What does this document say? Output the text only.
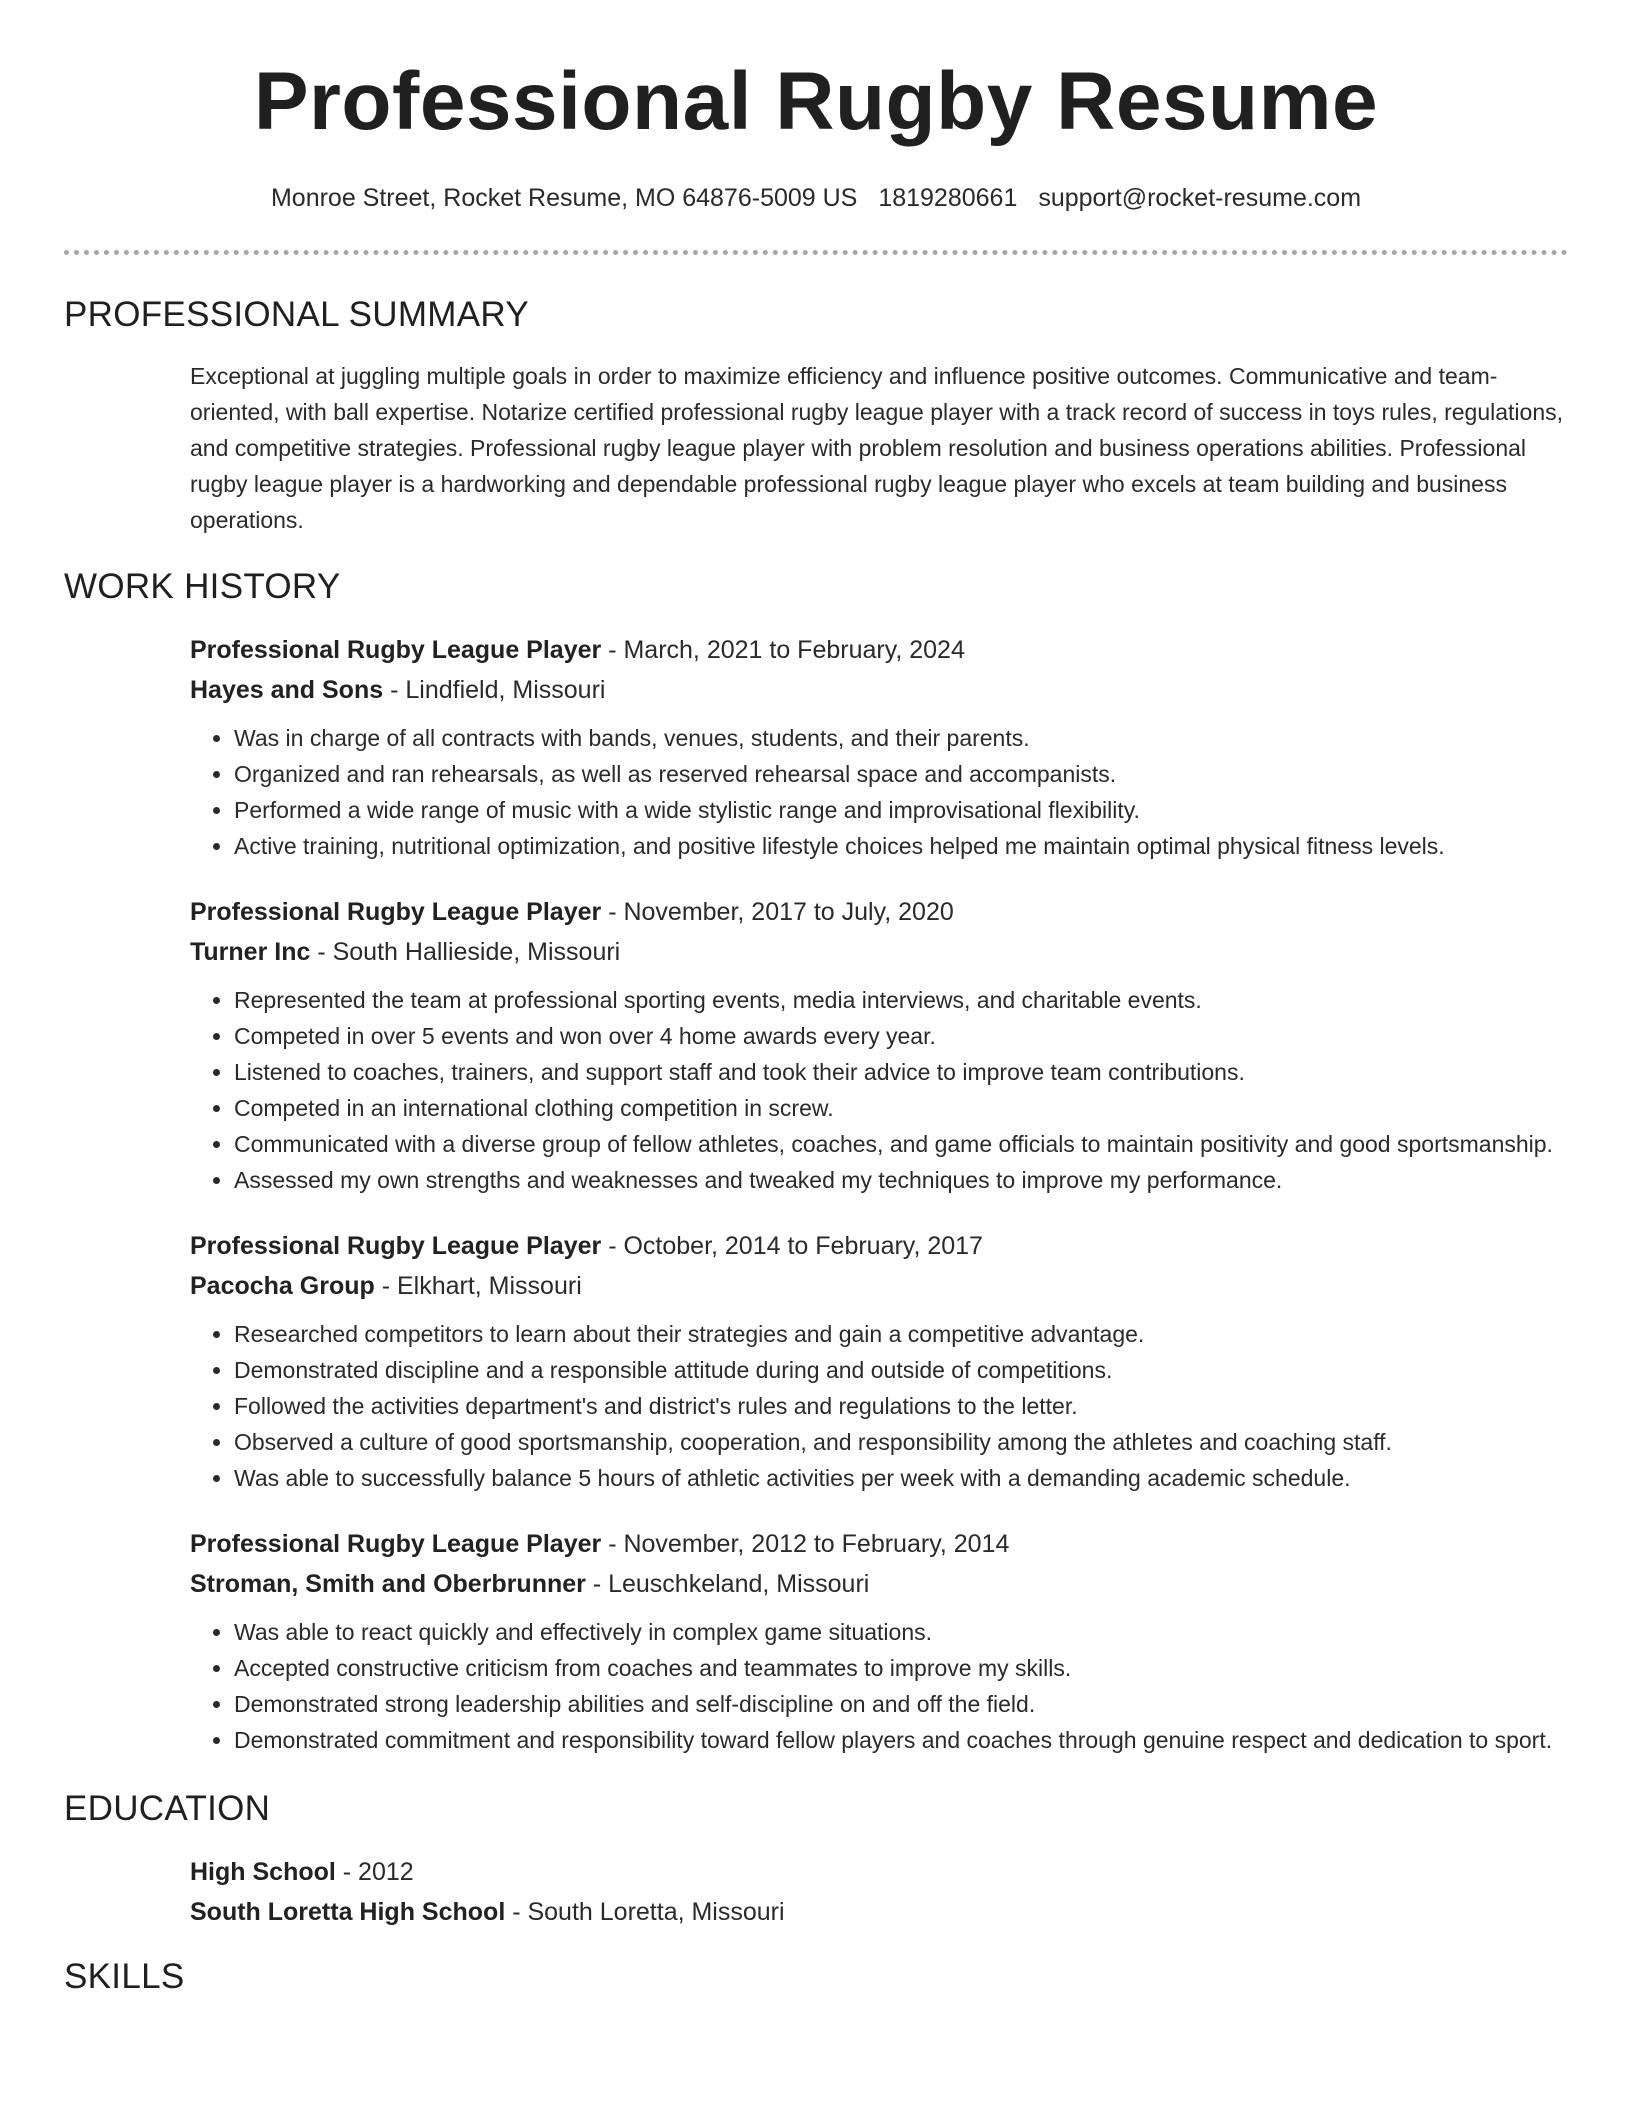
Professional Rugby Resume
Monroe Street, Rocket Resume, MO 64876-5009 US 1819280661 support@rocket-resume.com
PROFESSIONAL SUMMARY

Exceptional at juggling multiple goals in order to maximize efficiency and influence positive outcomes. Communicative and team-oriented, with ball expertise. Notarize certified professional rugby league player with a track record of success in toys rules, regulations, and competitive strategies. Professional rugby league player with problem resolution and business operations abilities. Professional rugby league player is a hardworking and dependable professional rugby league player who excels at team building and business operations.

WORK HISTORY
Professional Rugby League Player - March, 2021 to February, 2024
Hayes and Sons - Lindfield, Missouri
• Was in charge of all contracts with bands, venues, students, and their parents.
• Organized and ran rehearsals, as well as reserved rehearsal space and accompanists.
• Performed a wide range of music with a wide stylistic range and improvisational flexibility.
• Active training, nutritional optimization, and positive lifestyle choices helped me maintain optimal physical fitness levels.
Professional Rugby League Player - November, 2017 to July, 2020
Turner Inc - South Hallieside, Missouri
• Represented the team at professional sporting events, media interviews, and charitable events.
• Competed in over 5 events and won over 4 home awards every year.
• Listened to coaches, trainers, and support staff and took their advice to improve team contributions.
• Competed in an international clothing competition in screw.
• Communicated with a diverse group of fellow athletes, coaches, and game officials to maintain positivity and good sportsmanship.
• Assessed my own strengths and weaknesses and tweaked my techniques to improve my performance.
Professional Rugby League Player - October, 2014 to February, 2017
Pacocha Group - Elkhart, Missouri
• Researched competitors to learn about their strategies and gain a competitive advantage.
• Demonstrated discipline and a responsible attitude during and outside of competitions.
• Followed the activities department's and district's rules and regulations to the letter.
• Observed a culture of good sportsmanship, cooperation, and responsibility among the athletes and coaching staff.
• Was able to successfully balance 5 hours of athletic activities per week with a demanding academic schedule.
Professional Rugby League Player - November, 2012 to February, 2014
Stroman, Smith and Oberbrunner - Leuschkeland, Missouri
• Was able to react quickly and effectively in complex game situations.
• Accepted constructive criticism from coaches and teammates to improve my skills.
• Demonstrated strong leadership abilities and self-discipline on and off the field.
• Demonstrated commitment and responsibility toward fellow players and coaches through genuine respect and dedication to sport.
EDUCATION
High School - 2012
South Loretta High School - South Loretta, Missouri
SKILLS
